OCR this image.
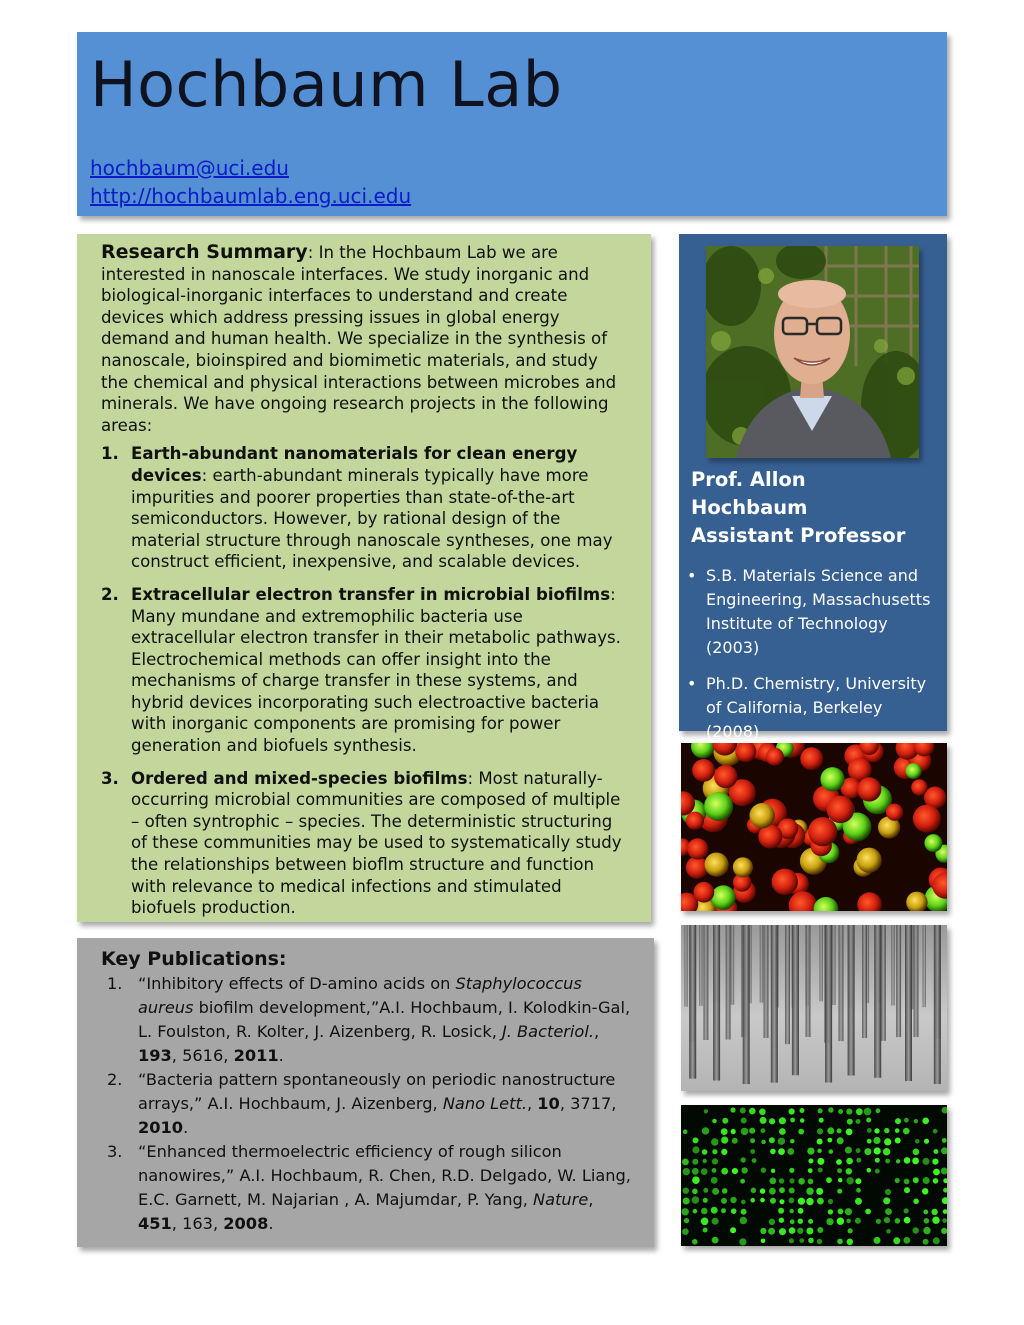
Hochbaum Lab
hochbaum@uci.edu
http://hochbaumlab.eng.uci.edu
Research Summary: In the Hochbaum Lab we are interested in nanoscale interfaces. We study inorganic and biological-inorganic interfaces to understand and create devices which address pressing issues in global energy demand and human health. We specialize in the synthesis of nanoscale, bioinspired and biomimetic materials, and study the chemical and physical interactions between microbes and minerals. We have ongoing research projects in the following areas:
1. Earth-abundant nanomaterials for clean energy devices: earth-abundant minerals typically have more impurities and poorer properties than state-of-the-art semiconductors. However, by rational design of the material structure through nanoscale syntheses, one may construct efficient, inexpensive, and scalable devices.
2. Extracellular electron transfer in microbial biofilms: Many mundane and extremophilic bacteria use extracellular electron transfer in their metabolic pathways. Electrochemical methods can offer insight into the mechanisms of charge transfer in these systems, and hybrid devices incorporating such electroactive bacteria with inorganic components are promising for power generation and biofuels synthesis.
3. Ordered and mixed-species biofilms: Most naturally-occurring microbial communities are composed of multiple – often syntrophic – species. The deterministic structuring of these communities may be used to systematically study the relationships between bioflm structure and function with relevance to medical infections and stimulated biofuels production.
Prof. Allon
Hochbaum
Assistant Professor
• S.B. Materials Science and Engineering, Massachusetts Institute of Technology (2003)
• Ph.D. Chemistry, University of California, Berkeley (2008)
Key Publications:
1. “Inhibitory effects of D-amino acids on Staphylococcus aureus biofilm development,”A.I. Hochbaum, I. Kolodkin-Gal, L. Foulston, R. Kolter, J. Aizenberg, R. Losick, J. Bacteriol., 193, 5616, 2011.
2. “Bacteria pattern spontaneously on periodic nanostructure arrays,” A.I. Hochbaum, J. Aizenberg, Nano Lett., 10, 3717, 2010.
3. “Enhanced thermoelectric efficiency of rough silicon nanowires,” A.I. Hochbaum, R. Chen, R.D. Delgado, W. Liang, E.C. Garnett, M. Najarian , A. Majumdar, P. Yang, Nature, 451, 163, 2008.
